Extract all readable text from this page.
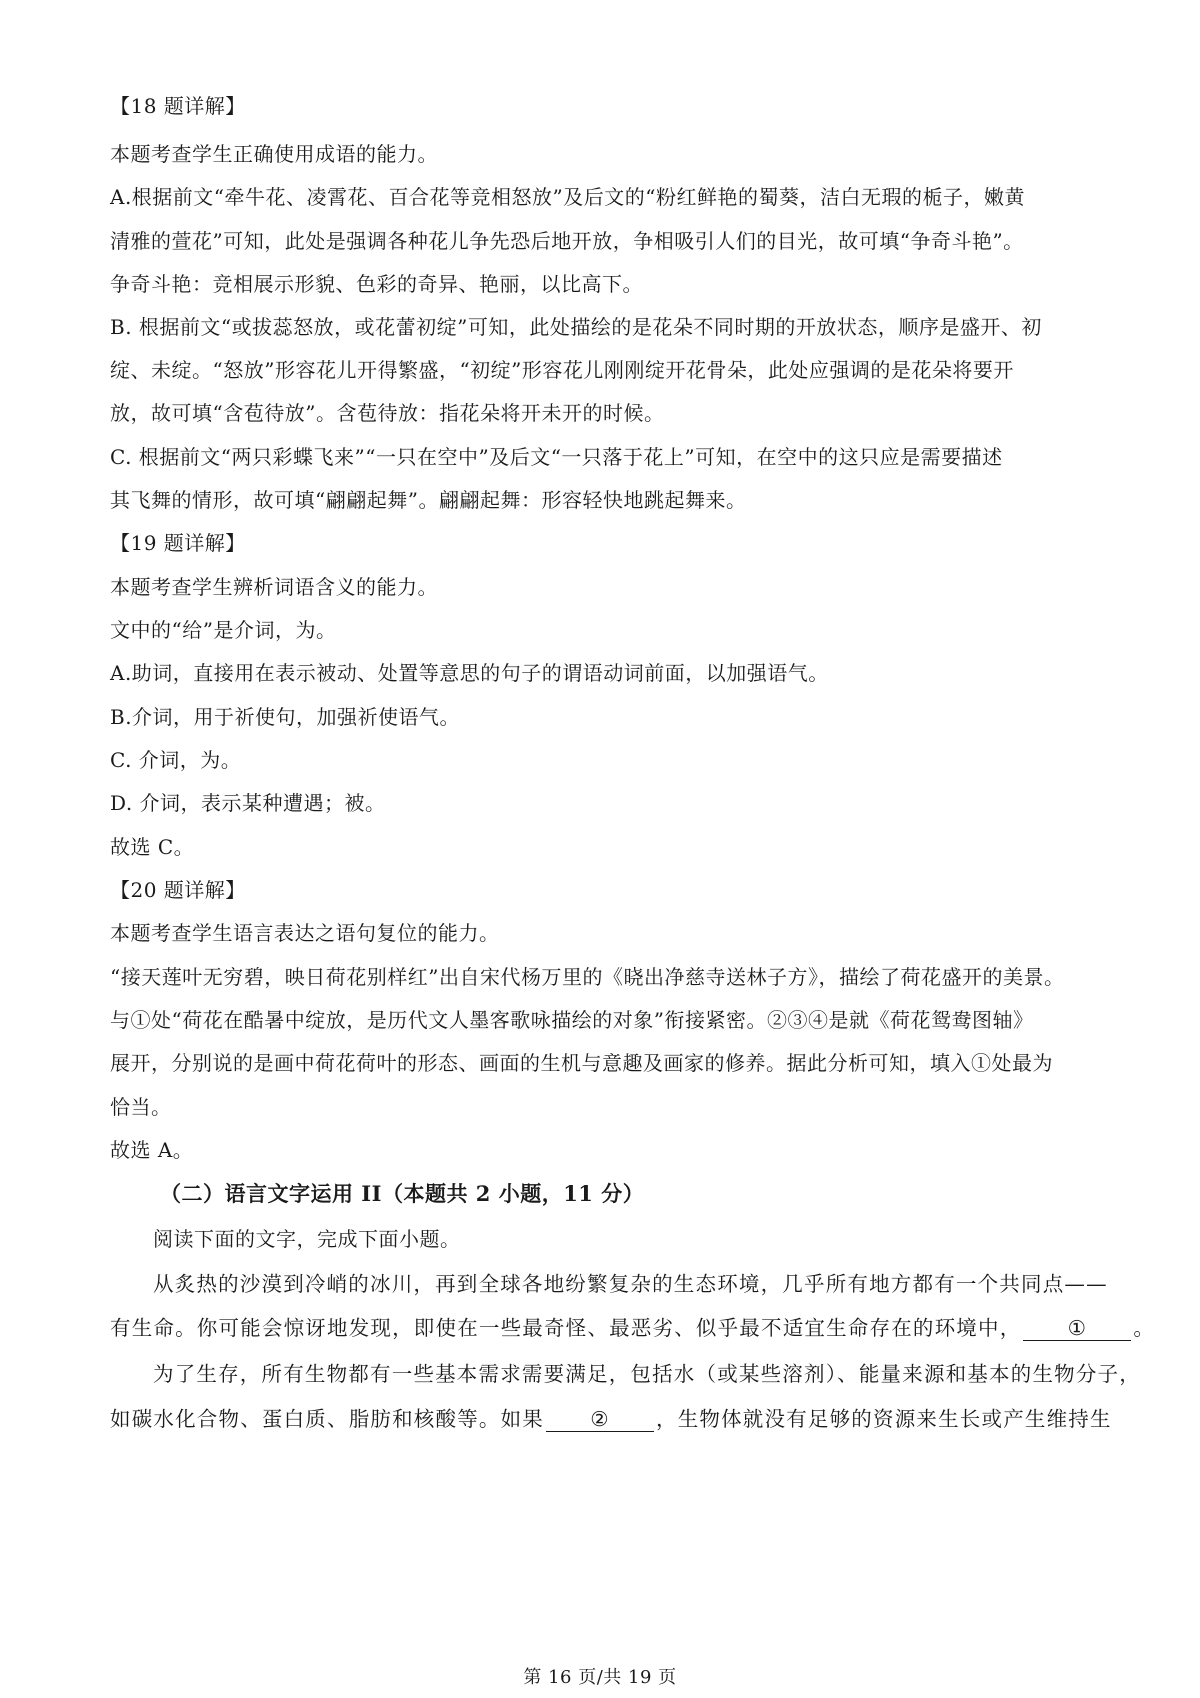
【18 题详解】
本题考查学生正确使用成语的能力。
A.根据前文“牵牛花、凌霄花、百合花等竞相怒放”及后文的“粉红鲜艳的蜀葵，洁白无瑕的栀子，嫩黄
清雅的萱花”可知，此处是强调各种花儿争先恐后地开放，争相吸引人们的目光，故可填“争奇斗艳”。
争奇斗艳：竞相展示形貌、色彩的奇异、艳丽，以比高下。
B. 根据前文“或拔蕊怒放，或花蕾初绽”可知，此处描绘的是花朵不同时期的开放状态，顺序是盛开、初
绽、未绽。“怒放”形容花儿开得繁盛，“初绽”形容花儿刚刚绽开花骨朵，此处应强调的是花朵将要开
放，故可填“含苞待放”。含苞待放：指花朵将开未开的时候。
C. 根据前文“两只彩蝶飞来”“一只在空中”及后文“一只落于花上”可知，在空中的这只应是需要描述
其飞舞的情形，故可填“翩翩起舞”。翩翩起舞：形容轻快地跳起舞来。
【19 题详解】
本题考查学生辨析词语含义的能力。
文中的“给”是介词，为。
A.助词，直接用在表示被动、处置等意思的句子的谓语动词前面，以加强语气。
B.介词，用于祈使句，加强祈使语气。
C. 介词，为。
D. 介词，表示某种遭遇；被。
故选 C。
【20 题详解】
本题考查学生语言表达之语句复位的能力。
“接天莲叶无穷碧，映日荷花别样红”出自宋代杨万里的《晓出净慈寺送林子方》，描绘了荷花盛开的美景。
与①处“荷花在酷暑中绽放，是历代文人墨客歌咏描绘的对象”衔接紧密。②③④是就《荷花鸳鸯图轴》
展开，分别说的是画中荷花荷叶的形态、画面的生机与意趣及画家的修养。据此分析可知，填入①处最为
恰当。
故选 A。
（二）语言文字运用 II（本题共 2 小题，11 分）
阅读下面的文字，完成下面小题。
从炙热的沙漠到冷峭的冰川，再到全球各地纷繁复杂的生态环境，几乎所有地方都有一个共同点——
有生命。你可能会惊讶地发现，即使在一些最奇怪、最恶劣、似乎最不适宜生命存在的环境中， ① 。
为了生存，所有生物都有一些基本需求需要满足，包括水（或某些溶剂）、能量来源和基本的生物分子，
如碳水化合物、蛋白质、脂肪和核酸等。如果 ② ，生物体就没有足够的资源来生长或产生维持生
第 16 页/共 19 页
